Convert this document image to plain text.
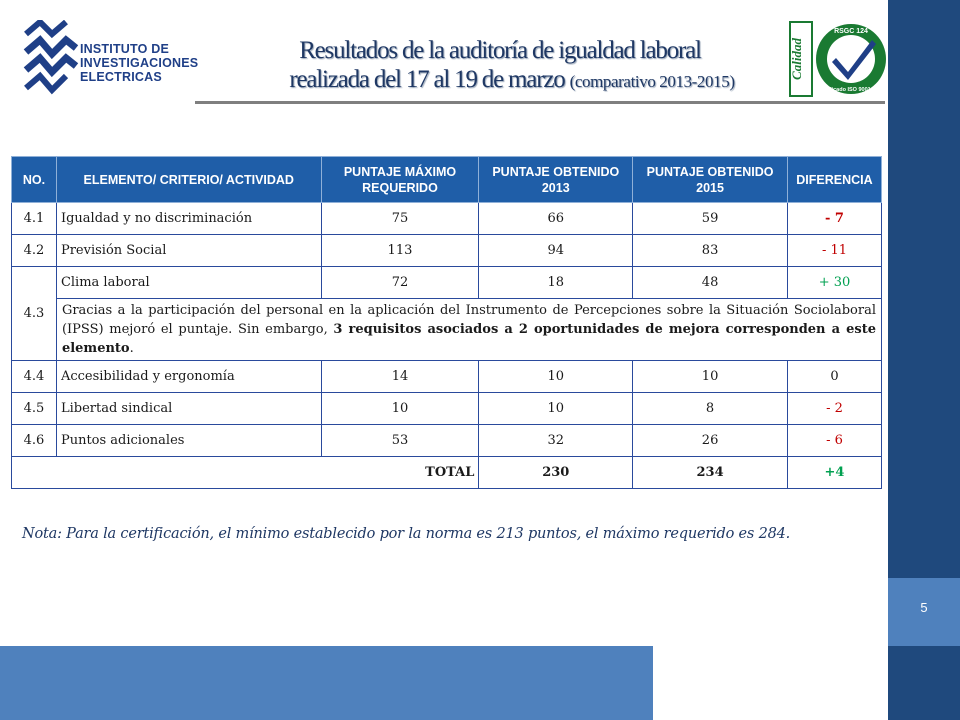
5
INSTITUTO DE
INVESTIGACIONES
ELECTRICAS
Resultados de la auditoría de igualdad laboral
realizada del 17 al 19 de marzo (comparativo 2013-2015)
Calidad
RSGC 124
Certificado ISO 9001:2008
NO.	ELEMENTO/ CRITERIO/ ACTIVIDAD	PUNTAJE MÁXIMO REQUERIDO	PUNTAJE OBTENIDO 2013	PUNTAJE OBTENIDO 2015	DIFERENCIA
4.1	Igualdad y no discriminación	75	66	59	- 7
4.2	Previsión Social	113	94	83	- 11
4.3	Clima laboral	72	18	48	+ 30
	Gracias a la participación del personal en la aplicación del Instrumento de Percepciones sobre la Situación Sociolaboral (IPSS) mejoró el puntaje. Sin embargo, 3 requisitos asociados a 2 oportunidades de mejora corresponden a este elemento.				
4.4	Accesibilidad y ergonomía	14	10	10	0
4.5	Libertad sindical	10	10	8	- 2
4.6	Puntos adicionales	53	32	26	- 6
TOTAL			230	234	+4
Nota: Para la certificación, el mínimo establecido por la norma es 213 puntos, el máximo requerido es 284.
